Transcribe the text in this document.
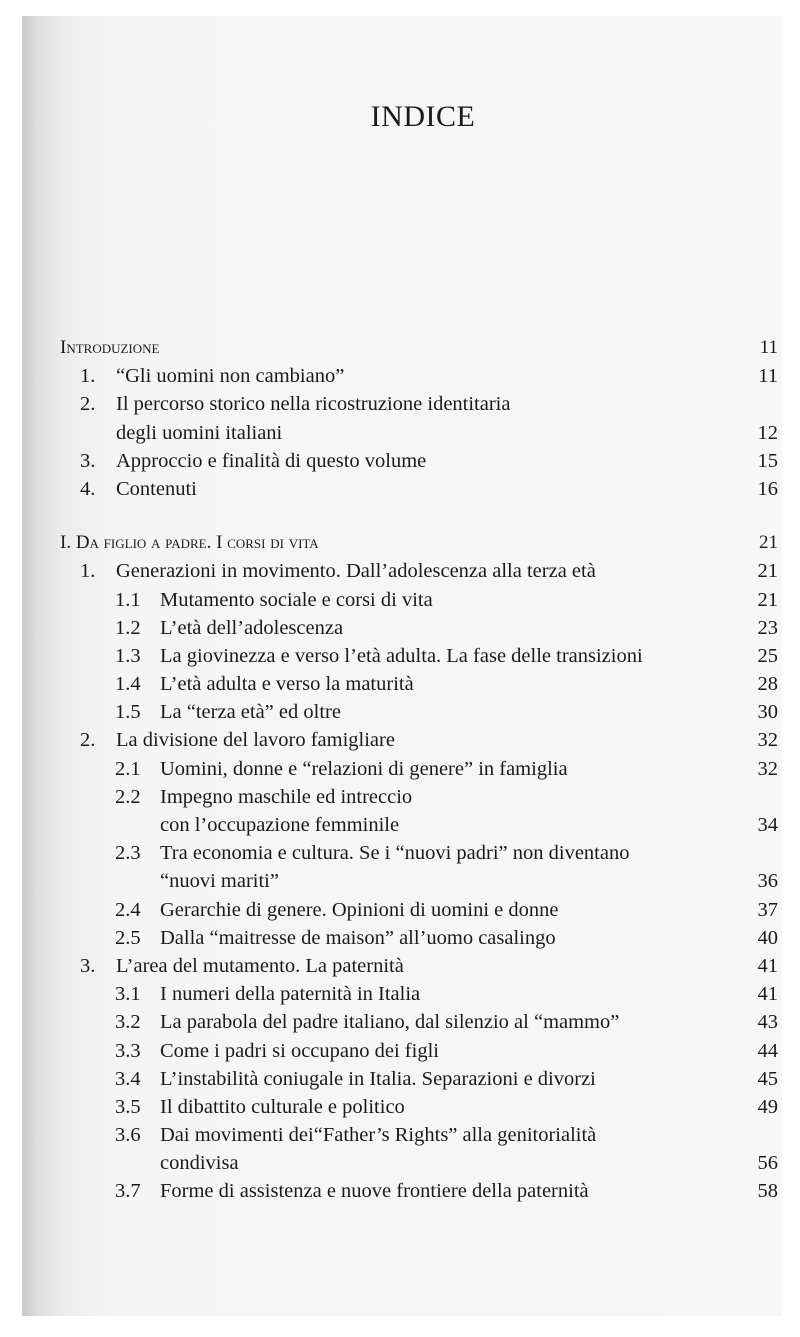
INDICE
Introduzione	11
1. “Gli uomini non cambiano”	11
2. Il percorso storico nella ricostruzione identitaria
degli uomini italiani	12
3. Approccio e finalità di questo volume	15
4. Contenuti	16
I. Da figlio a padre. I corsi di vita	21
1. Generazioni in movimento. Dall’adolescenza alla terza età	21
1.1 Mutamento sociale e corsi di vita	21
1.2 L’età dell’adolescenza	23
1.3 La giovinezza e verso l’età adulta. La fase delle transizioni	25
1.4 L’età adulta e verso la maturità	28
1.5 La “terza età” ed oltre	30
2. La divisione del lavoro famigliare	32
2.1 Uomini, donne e “relazioni di genere” in famiglia	32
2.2 Impegno maschile ed intreccio
con l’occupazione femminile	34
2.3 Tra economia e cultura. Se i “nuovi padri” non diventano
“nuovi mariti”	36
2.4 Gerarchie di genere. Opinioni di uomini e donne	37
2.5 Dalla “maitresse de maison” all’uomo casalingo	40
3. L’area del mutamento. La paternità	41
3.1 I numeri della paternità in Italia	41
3.2 La parabola del padre italiano, dal silenzio al “mammo”	43
3.3 Come i padri si occupano dei figli	44
3.4 L’instabilità coniugale in Italia. Separazioni e divorzi	45
3.5 Il dibattito culturale e politico	49
3.6 Dai movimenti dei“Father’s Rights” alla genitorialità
condivisa	56
3.7 Forme di assistenza e nuove frontiere della paternità	58
